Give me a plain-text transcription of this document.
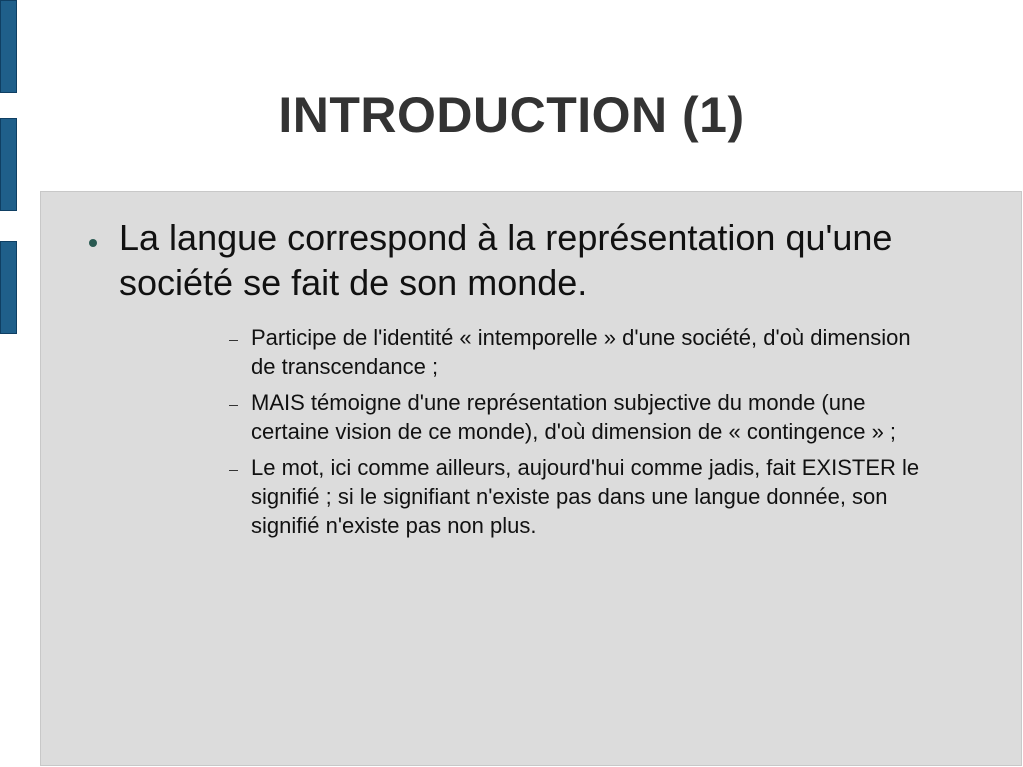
INTRODUCTION (1)
La langue correspond à la représentation qu'une société se fait de son monde.
Participe de l'identité « intemporelle » d'une société, d'où dimension de transcendance ;
MAIS témoigne d'une représentation subjective du monde (une certaine vision de ce monde), d'où dimension de « contingence » ;
Le mot, ici comme ailleurs, aujourd'hui comme jadis, fait EXISTER le signifié ; si le signifiant n'existe pas dans une langue donnée, son signifié n'existe pas non plus.
